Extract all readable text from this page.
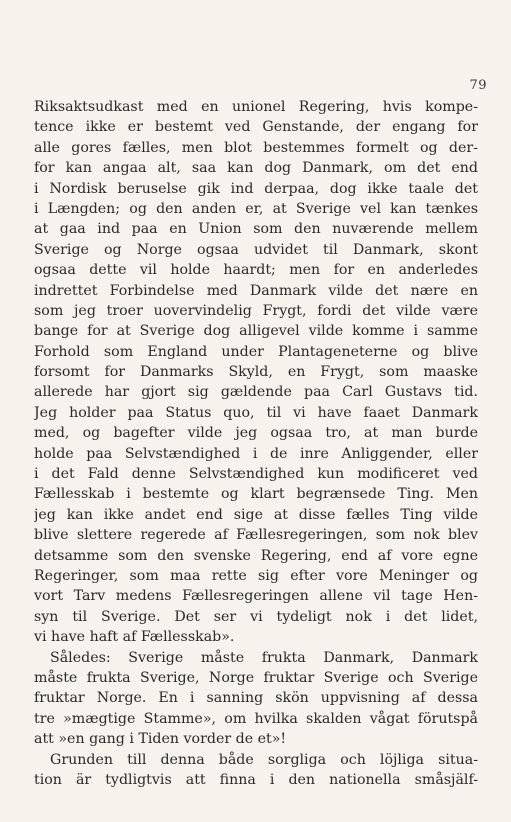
79
Riksaktsudkast med en unionel Regering, hvis kompe-
tence ikke er bestemt ved Genstande, der engang for
alle gores fælles, men blot bestemmes formelt og der-
for kan angaa alt, saa kan dog Danmark, om det end
i Nordisk beruselse gik ind derpaa, dog ikke taale det
i Længden; og den anden er, at Sverige vel kan tænkes
at gaa ind paa en Union som den nuværende mellem
Sverige og Norge ogsaa udvidet til Danmark, skont
ogsaa dette vil holde haardt; men for en anderledes
indrettet Forbindelse med Danmark vilde det nære en
som jeg troer uovervindelig Frygt, fordi det vilde være
bange for at Sverige dog alligevel vilde komme i samme
Forhold som England under Plantageneterne og blive
forsomt for Danmarks Skyld, en Frygt, som maaske
allerede har gjort sig gældende paa Carl Gustavs tid.
Jeg holder paa Status quo, til vi have faaet Danmark
med, og bagefter vilde jeg ogsaa tro, at man burde
holde paa Selvstændighed i de inre Anliggender, eller
i det Fald denne Selvstændighed kun modificeret ved
Fællesskab i bestemte og klart begrænsede Ting. Men
jeg kan ikke andet end sige at disse fælles Ting vilde
blive slettere regerede af Fællesregeringen, som nok blev
detsamme som den svenske Regering, end af vore egne
Regeringer, som maa rette sig efter vore Meninger og
vort Tarv medens Fællesregeringen allene vil tage Hen-
syn til Sverige. Det ser vi tydeligt nok i det lidet,
vi have haft af Fællesskab».
Således: Sverige måste frukta Danmark, Danmark
måste frukta Sverige, Norge fruktar Sverige och Sverige
fruktar Norge. En i sanning skön uppvisning af dessa
tre »mægtige Stamme», om hvilka skalden vågat förutspå
att »en gang i Tiden vorder de et»!
Grunden till denna både sorgliga och löjliga situa-
tion är tydligtvis att finna i den nationella småsjälf-
